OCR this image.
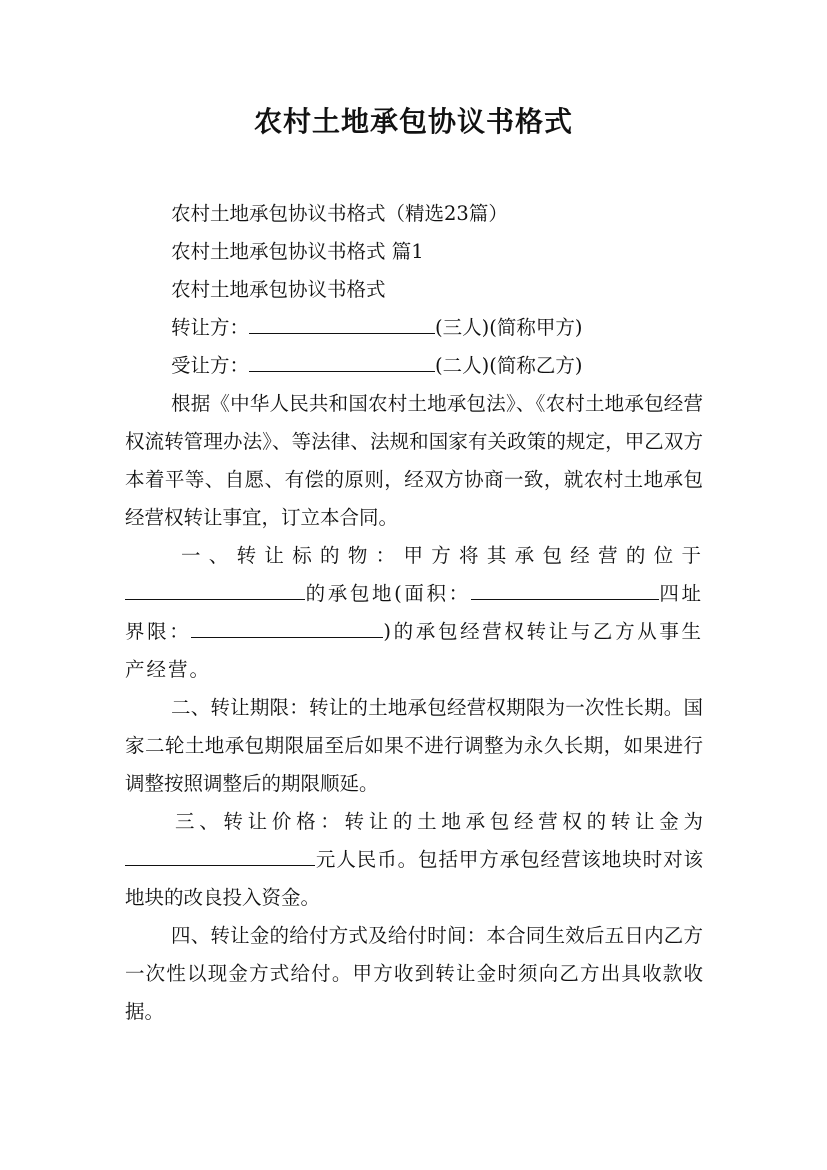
农村土地承包协议书格式

农村土地承包协议书格式（精选23篇）

农村土地承包协议书格式 篇1

农村土地承包协议书格式

转让方：	(三人)(简称甲方)

受让方：	(二人)(简称乙方)

根据《中华人民共和国农村土地承包法》、《农村土地承包经营权流转管理办法》、等法律、法规和国家有关政策的规定，甲乙双方本着平等、自愿、有偿的原则，经双方协商一致，就农村土地承包经营权转让事宜，订立本合同。

一、转让标的物：甲方将其承包经营的位于的承包地(面积：	四址界限：	)的承包经营权转让与乙方从事生产经营。

二、转让期限：转让的土地承包经营权期限为一次性长期。国家二轮土地承包期限届至后如果不进行调整为永久长期，如果进行调整按照调整后的期限顺延。

三、转让价格：转让的土地承包经营权的转让金为元人民币。包括甲方承包经营该地块时对该地块的改良投入资金。

四、转让金的给付方式及给付时间：本合同生效后五日内乙方一次性以现金方式给付。甲方收到转让金时须向乙方出具收款收据。
